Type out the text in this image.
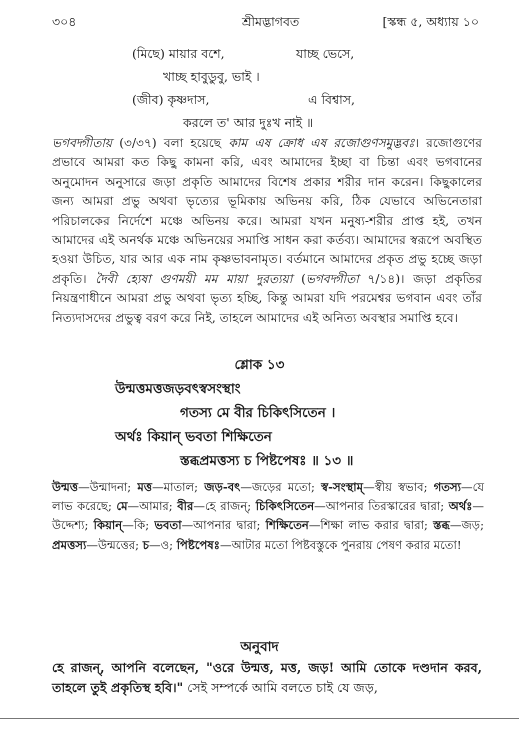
৩০৪	শ্রীমদ্ভাগবত	[স্কন্ধ ৫, অধ্যায় ১০
(মিছে) মায়ার বশে,	যাচ্ছ ভেসে,
খাচ্ছ হাবুডুবু, ভাই ।
(জীব) কৃষ্ণদাস,	এ বিশ্বাস,
করলে ত' আর দুঃখ নাই ॥

ভগবদ্গীতায় (৩/৩৭) বলা হয়েছে কাম এষ ক্রোধ এষ রজোগুণসমুদ্ভবঃ। রজোগুণের প্রভাবে আমরা কত কিছু কামনা করি, এবং আমাদের ইচ্ছা বা চিন্তা এবং ভগবানের অনুমোদন অনুসারে জড়া প্রকৃতি আমাদের বিশেষ প্রকার শরীর দান করেন। কিছুকালের জন্য আমরা প্রভু অথবা ভৃত্যের ভূমিকায় অভিনয় করি, ঠিক যেভাবে অভিনেতারা পরিচালকের নির্দেশে মঞ্চে অভিনয় করে। আমরা যখন মনুষ্য-শরীর প্রাপ্ত হই, তখন আমাদের এই অনর্থক মঞ্চে অভিনয়ের সমাপ্তি সাধন করা কর্তব্য। আমাদের স্বরূপে অবস্থিত হওয়া উচিত, যার আর এক নাম কৃষ্ণভাবনামৃত। বর্তমানে আমাদের প্রকৃত প্রভু হচ্ছে জড়া প্রকৃতি। দৈবী হ্যেষা গুণময়ী মম মায়া দুরত্যয়া (ভগবদ্গীতা ৭/১৪)। জড়া প্রকৃতির নিয়ন্ত্রণাধীনে আমরা প্রভু অথবা ভৃত্য হচ্ছি, কিন্তু আমরা যদি পরমেশ্বর ভগবান এবং তাঁর নিত্যদাসদের প্রভুত্ব বরণ করে নিই, তাহলে আমাদের এই অনিত্য অবস্থার সমাপ্তি হবে।

শ্লোক ১৩
উন্মত্তমত্তজড়বৎস্বসংস্থাং
গতস্য মে বীর চিকিৎসিতেন ।
অর্থঃ কিয়ান্ ভবতা শিক্ষিতেন
স্তব্ধপ্রমত্তস্য চ পিষ্টপেষঃ ॥ ১৩ ॥

উন্মত্ত—উন্মাদনা; মত্ত—মাতাল; জড়-বৎ—জড়ের মতো; স্ব-সংস্থাম্—স্বীয় স্বভাব; গতস্য—যে লাভ করেছে; মে—আমার; বীর—হে রাজন্; চিকিৎসিতেন—আপনার তিরস্কারের দ্বারা; অর্থঃ—উদ্দেশ্য; কিয়ান্—কি; ভবতা—আপনার দ্বারা; শিক্ষিতেন—শিক্ষা লাভ করার দ্বারা; স্তব্ধ—জড়; প্রমত্তস্য—উন্মত্তের; চ—ও; পিষ্টপেষঃ—আটার মতো পিষ্টবস্তুকে পুনরায় পেষণ করার মতো!

অনুবাদ

হে রাজন্, আপনি বলেছেন, "ওরে উন্মত্ত, মত্ত, জড়! আমি তোকে দণ্ডদান করব, তাহলে তুই প্রকৃতিস্থ হবি।" সেই সম্পর্কে আমি বলতে চাই যে জড়,
